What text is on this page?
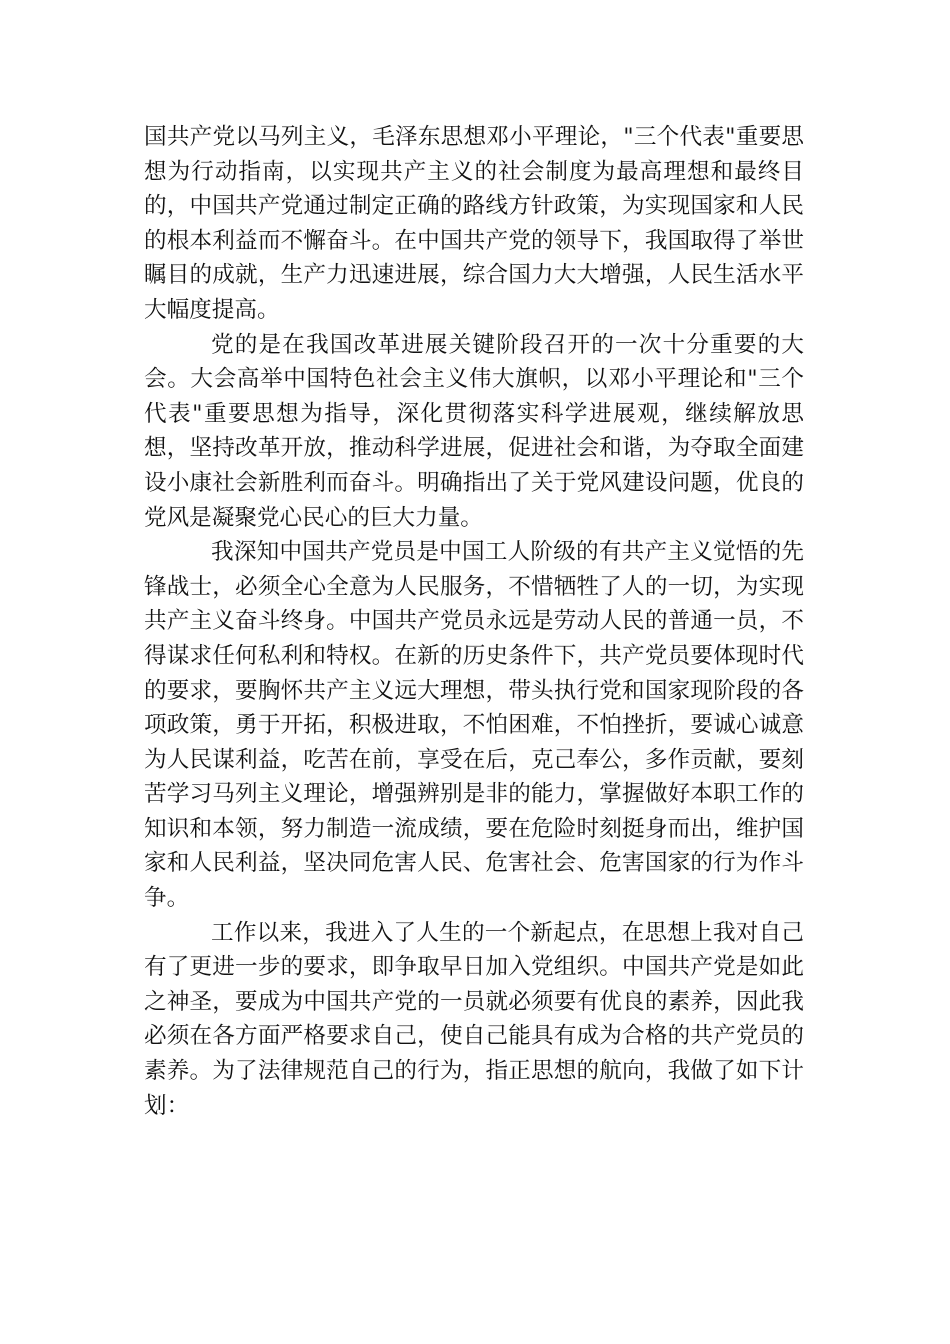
国共产党以马列主义，毛泽东思想邓小平理论，"三个代表"重要思想为行动指南，以实现共产主义的社会制度为最高理想和最终目的，中国共产党通过制定正确的路线方针政策，为实现国家和人民的根本利益而不懈奋斗。在中国共产党的领导下，我国取得了举世瞩目的成就，生产力迅速进展，综合国力大大增强，人民生活水平大幅度提高。

党的是在我国改革进展关键阶段召开的一次十分重要的大会。大会高举中国特色社会主义伟大旗帜，以邓小平理论和"三个代表"重要思想为指导，深化贯彻落实科学进展观，继续解放思想，坚持改革开放，推动科学进展，促进社会和谐，为夺取全面建设小康社会新胜利而奋斗。明确指出了关于党风建设问题，优良的党风是凝聚党心民心的巨大力量。

我深知中国共产党员是中国工人阶级的有共产主义觉悟的先锋战士，必须全心全意为人民服务，不惜牺牲了人的一切，为实现共产主义奋斗终身。中国共产党员永远是劳动人民的普通一员，不得谋求任何私利和特权。在新的历史条件下，共产党员要体现时代的要求，要胸怀共产主义远大理想，带头执行党和国家现阶段的各项政策，勇于开拓，积极进取，不怕困难，不怕挫折，要诚心诚意为人民谋利益，吃苦在前，享受在后，克己奉公，多作贡献，要刻苦学习马列主义理论，增强辨别是非的能力，掌握做好本职工作的知识和本领，努力制造一流成绩，要在危险时刻挺身而出，维护国家和人民利益，坚决同危害人民、危害社会、危害国家的行为作斗争。

工作以来，我进入了人生的一个新起点，在思想上我对自己有了更进一步的要求，即争取早日加入党组织。中国共产党是如此之神圣，要成为中国共产党的一员就必须要有优良的素养，因此我必须在各方面严格要求自己，使自己能具有成为合格的共产党员的素养。为了法律规范自己的行为，指正思想的航向，我做了如下计划：
